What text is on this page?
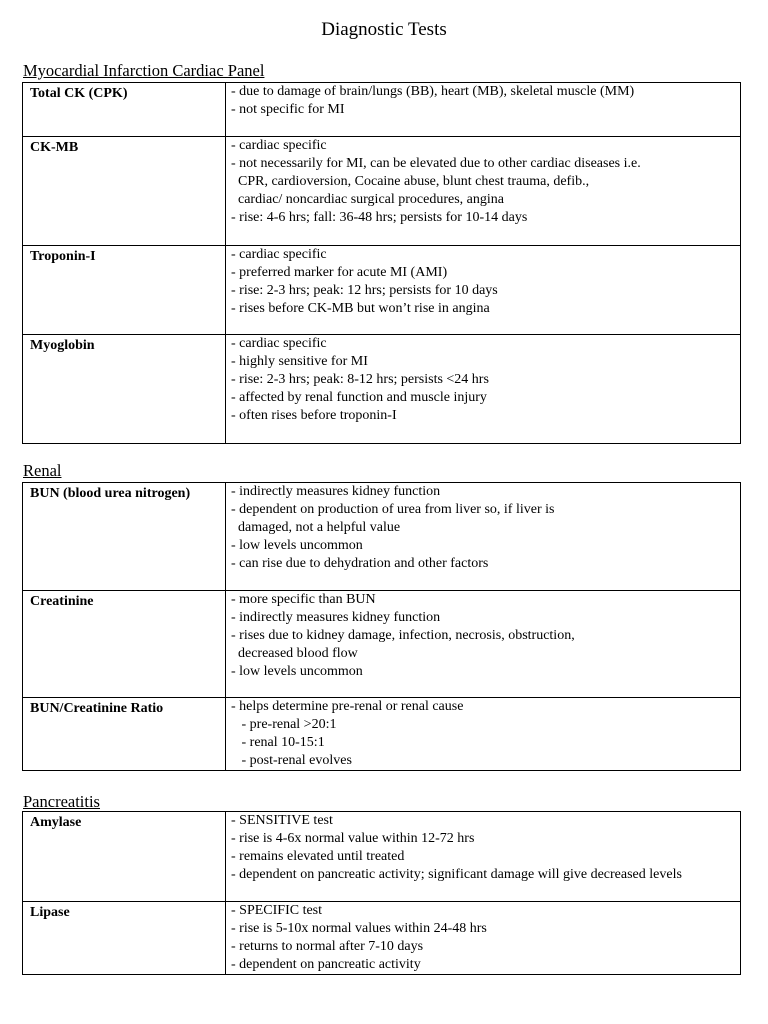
Diagnostic Tests
Myocardial Infarction Cardiac Panel
Total CK (CPK)	- due to damage of brain/lungs (BB), heart (MB), skeletal muscle (MM)
- not specific for MI

CK-MB	- cardiac specific
- not necessarily for MI, can be elevated due to other cardiac diseases i.e.
CPR, cardioversion, Cocaine abuse, blunt chest trauma, defib.,
cardiac/ noncardiac surgical procedures, angina
- rise: 4-6 hrs; fall: 36-48 hrs; persists for 10-14 days

Troponin-I	- cardiac specific
- preferred marker for acute MI (AMI)
- rise: 2-3 hrs; peak: 12 hrs; persists for 10 days
- rises before CK-MB but won’t rise in angina

Myoglobin	- cardiac specific
- highly sensitive for MI
- rise: 2-3 hrs; peak: 8-12 hrs; persists <24 hrs
- affected by renal function and muscle injury
- often rises before troponin-I
Renal
BUN (blood urea nitrogen)	- indirectly measures kidney function
- dependent on production of urea from liver so, if liver is
damaged, not a helpful value
- low levels uncommon
- can rise due to dehydration and other factors

Creatinine	- more specific than BUN
- indirectly measures kidney function
- rises due to kidney damage, infection, necrosis, obstruction,
decreased blood flow
- low levels uncommon

BUN/Creatinine Ratio	- helps determine pre-renal or renal cause
- pre-renal >20:1
- renal 10-15:1
- post-renal evolves
Pancreatitis
Amylase	- SENSITIVE test
- rise is 4-6x normal value within 12-72 hrs
- remains elevated until treated
- dependent on pancreatic activity; significant damage will give decreased levels

Lipase	- SPECIFIC test
- rise is 5-10x normal values within 24-48 hrs
- returns to normal after 7-10 days
- dependent on pancreatic activity
